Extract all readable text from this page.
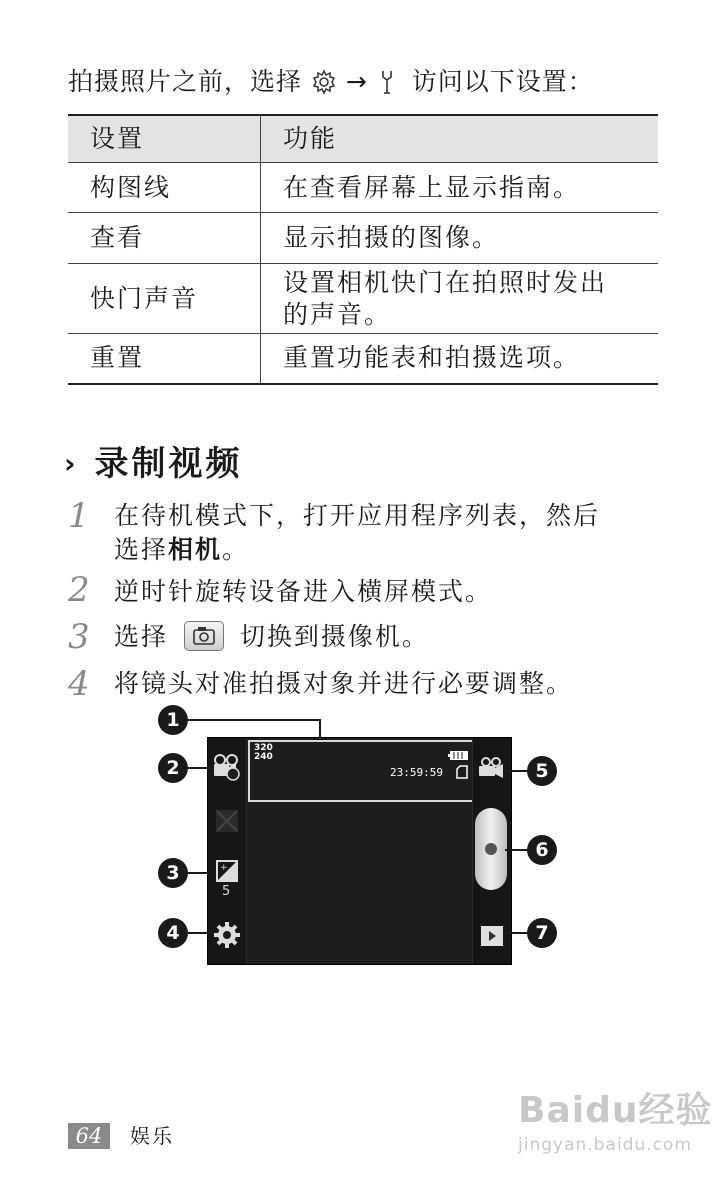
拍摄照片之前，选择 → 访问以下设置：
设置	功能
构图线	在查看屏幕上显示指南。
查看	显示拍摄的图像。
快门声音	设置相机快门在拍照时发出
的声音。

重置	重置功能表和拍摄选项。
› 录制视频
1 在待机模式下，打开应用程序列表，然后
选择相机。
2 逆时针旋转设备进入横屏模式。
3 选择	切换到摄像机。
4 将镜头对准拍摄对象并进行必要调整。
+
5
320
240
23:59:59
1
2
3
4
5
6
7
64	娱乐
Baidu经验
jingyan.baidu.com
